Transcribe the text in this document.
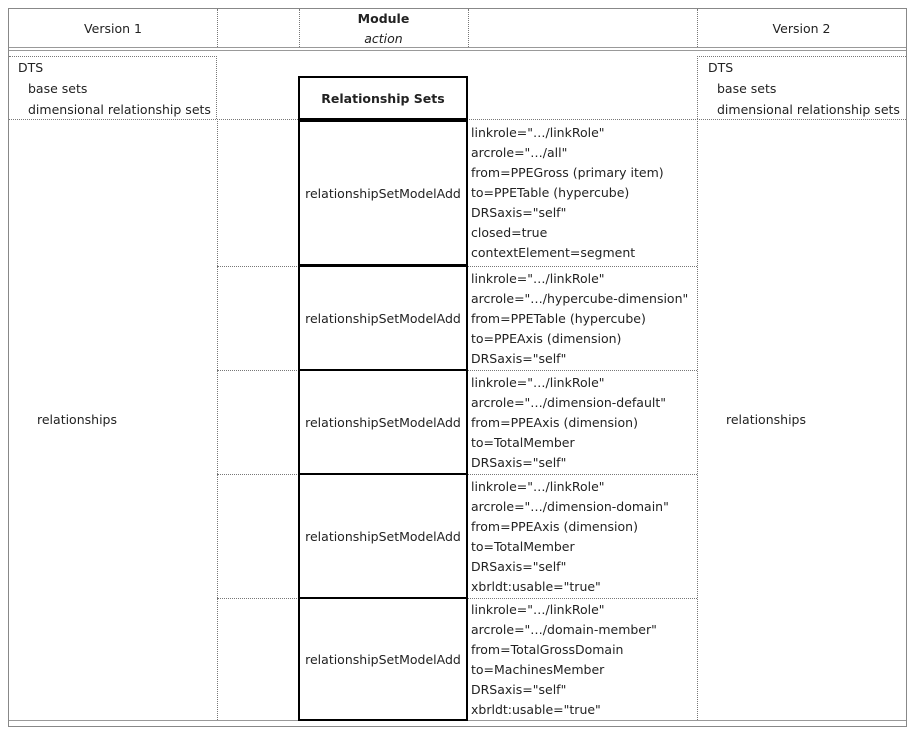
Version 1
Module
action
Version 2
DTS
base sets
dimensional relationship sets
DTS
base sets
dimensional relationship sets
Relationship Sets
relationships	relationships
relationshipSetModelAdd
linkrole="…/linkRole"
arcrole="…/all"
from=PPEGross (primary item)
to=PPETable (hypercube)
DRSaxis="self"
closed=true
contextElement=segment
relationshipSetModelAdd
linkrole="…/linkRole"
arcrole="…/hypercube-dimension"
from=PPETable (hypercube)
to=PPEAxis (dimension)
DRSaxis="self"
relationshipSetModelAdd
linkrole="…/linkRole"
arcrole="…/dimension-default"
from=PPEAxis (dimension)
to=TotalMember
DRSaxis="self"
relationshipSetModelAdd
linkrole="…/linkRole"
arcrole="…/dimension-domain"
from=PPEAxis (dimension)
to=TotalMember
DRSaxis="self"
xbrldt:usable="true"
relationshipSetModelAdd
linkrole="…/linkRole"
arcrole="…/domain-member"
from=TotalGrossDomain
to=MachinesMember
DRSaxis="self"
xbrldt:usable="true"
